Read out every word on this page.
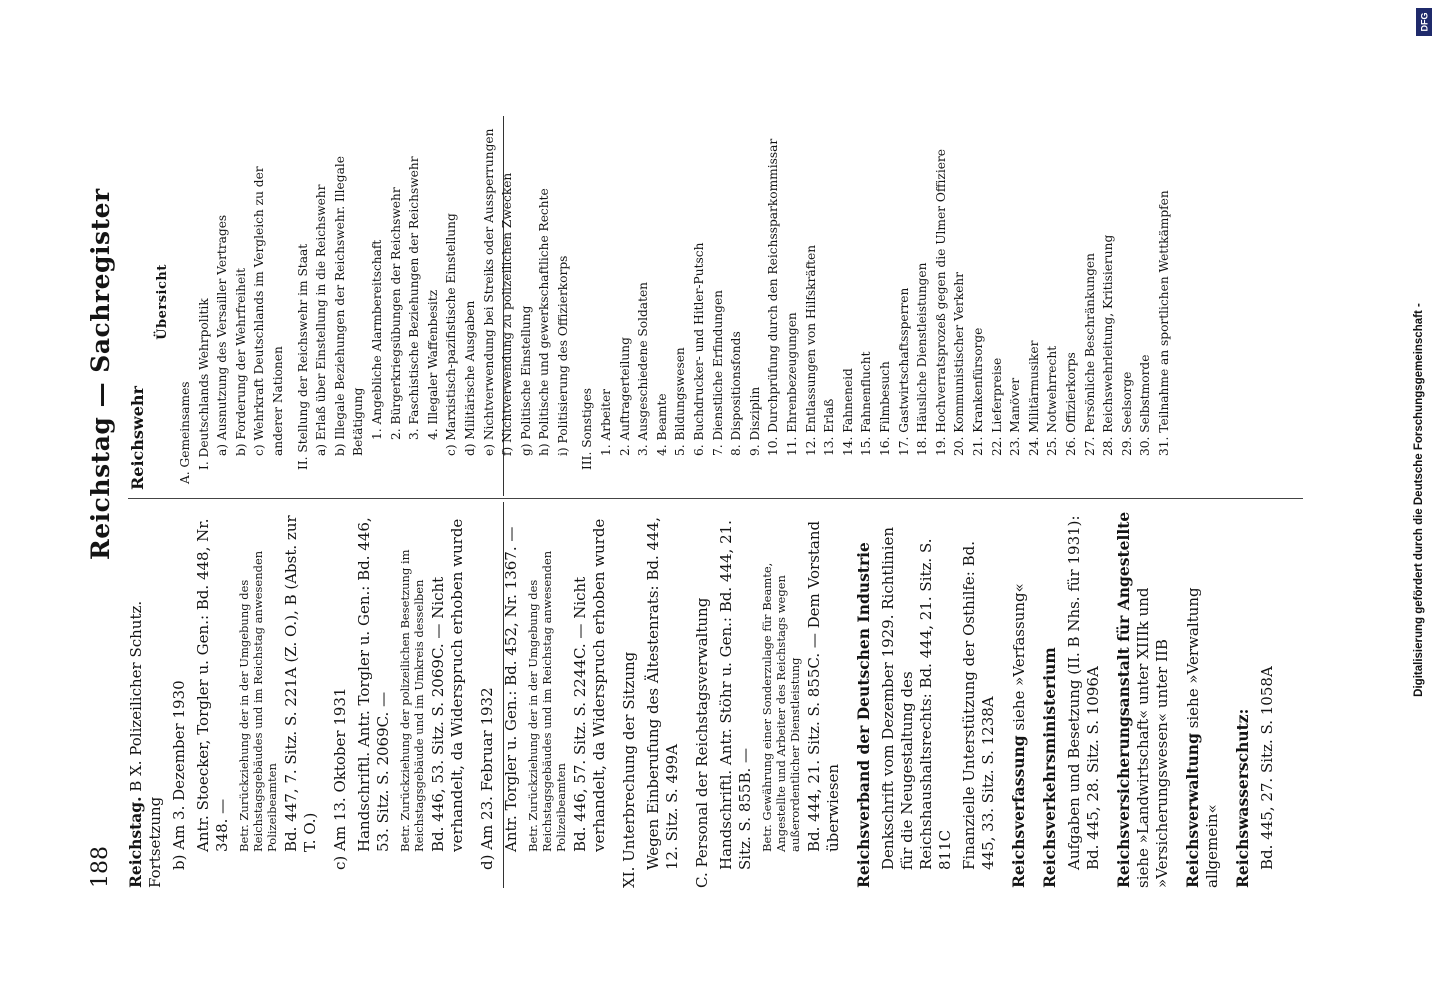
188
Reichstag — Sachregister
Reichstag. B X. Polizeilicher Schutz. Fortsetzung b) Am 3. Dezember 1930 Antr. Stoecker, Torgler u. Gen.: Bd. 448, Nr. 348. — Betr. Zurückziehung der in der Umgebung des Reichstagsgebäudes und im Reichstag anwesenden Polizeibeamten Bd. 447, 7. Sitz. S. 221A (Z. O.), B (Abst. zur T. O.) c) Am 13. Oktober 1931 Handschriftl. Antr. Torgler u. Gen.: Bd. 446, 53. Sitz. S. 2069C. — Betr. Zurückziehung der polizeilichen Besetzung im Reichstagsgebäude und im Umkreis desselben Bd. 446, 53. Sitz. S. 2069C. — Nicht verhandelt, da Widerspruch erhoben wurde d) Am 23. Februar 1932 Antr. Torgler u. Gen.: Bd. 452, Nr. 1367. — Betr. Zurückziehung der in der Umgebung des Reichstagsgebäudes und im Reichstag anwesenden Polizeibeamten Bd. 446, 57. Sitz. S. 2244C. — Nicht verhandelt, da Widerspruch erhoben wurde XI. Unterbrechung der Sitzung Wegen Einberufung des Ältestenrats: Bd. 444, 12. Sitz. S. 499A C. Personal der Reichstagsverwaltung Handschriftl. Antr. Stöhr u. Gen.: Bd. 444, 21. Sitz. S. 855B. — Betr. Gewährung einer Sonderzulage für Beamte, Angestellte und Arbeiter des Reichstags wegen außerordentlicher Dienstleistung Bd. 444, 21. Sitz. S. 855C. — Dem Vorstand überwiesen Reichsverband der Deutschen Industrie Denkschrift vom Dezember 1929. Richtlinien für die Neugestaltung des Reichshaushaltsrechts: Bd. 444, 21. Sitz. S. 811C Finanzielle Unterstützung der Osthilfe: Bd. 445, 33. Sitz. S. 1238A Reichsverfassung siehe »Verfassung« Reichsverkehrsministerium Aufgaben und Besetzung (II. B Nhs. für 1931): Bd. 445, 28. Sitz. S. 1096A Reichsversicherungsanstalt für Angestellte siehe »Landwirtschaft« unter XIIIk und »Versicherungswesen« unter IIB Reichsverwaltung siehe »Verwaltung allgemein« Reichswasserschutz: Bd. 445, 27. Sitz. S. 1058A
Reichswehr
Übersicht
A. Gemeinsames I. Deutschlands Wehrpolitik a) Ausnutzung des Versailler Vertrages b) Forderung der Wehrfreiheit c) Wehrkraft Deutschlands im Vergleich zu der anderer Nationen II. Stellung der Reichswehr im Staat a) Erlaß über Einstellung in die Reichswehr b) Illegale Beziehungen der Reichswehr. Illegale Betätigung 1. Angebliche Alarmbereitschaft 2. Bürgerkriegsübungen der Reichswehr 3. Faschistische Beziehungen der Reichswehr 4. Illegaler Waffenbesitz c) Marxistisch-pazifistische Einstellung d) Militärische Ausgaben e) Nichtverwendung bei Streiks oder Aussperrungen f) Nichtverwendung zu polizeilichen Zwecken g) Politische Einstellung h) Politische und gewerkschaftliche Rechte i) Politisierung des Offizierkorps III. Sonstiges 1. Arbeiter 2. Auftragerteilung 3. Ausgeschiedene Soldaten 4. Beamte 5. Bildungswesen 6. Buchdrucker- und Hitler-Putsch 7. Dienstliche Erfindungen 8. Dispositionsfonds 9. Disziplin 10. Durchprüfung durch den Reichssparkommissar 11. Ehrenbezeugungen 12. Entlassungen von Hilfskräften 13. Erlaß 14. Fahneneid 15. Fahnenflucht 16. Filmbesuch 17. Gastwirtschaftssperren 18. Häusliche Dienstleistungen 19. Hochverratsprozeß gegen die Ulmer Offiziere 20. Kommunistischer Verkehr 21. Krankenfürsorge 22. Lieferpreise 23. Manöver 24. Militärmusiker 25. Notwehrrecht 26. Offizierkorps 27. Persönliche Beschränkungen 28. Reichswehrleitung, Kritisierung 29. Seelsorge 30. Selbstmorde 31. Teilnahme an sportlichen Wettkämpfen
DFG
Digitalisierung gefördert durch die Deutsche Forschungsgemeinschaft -
